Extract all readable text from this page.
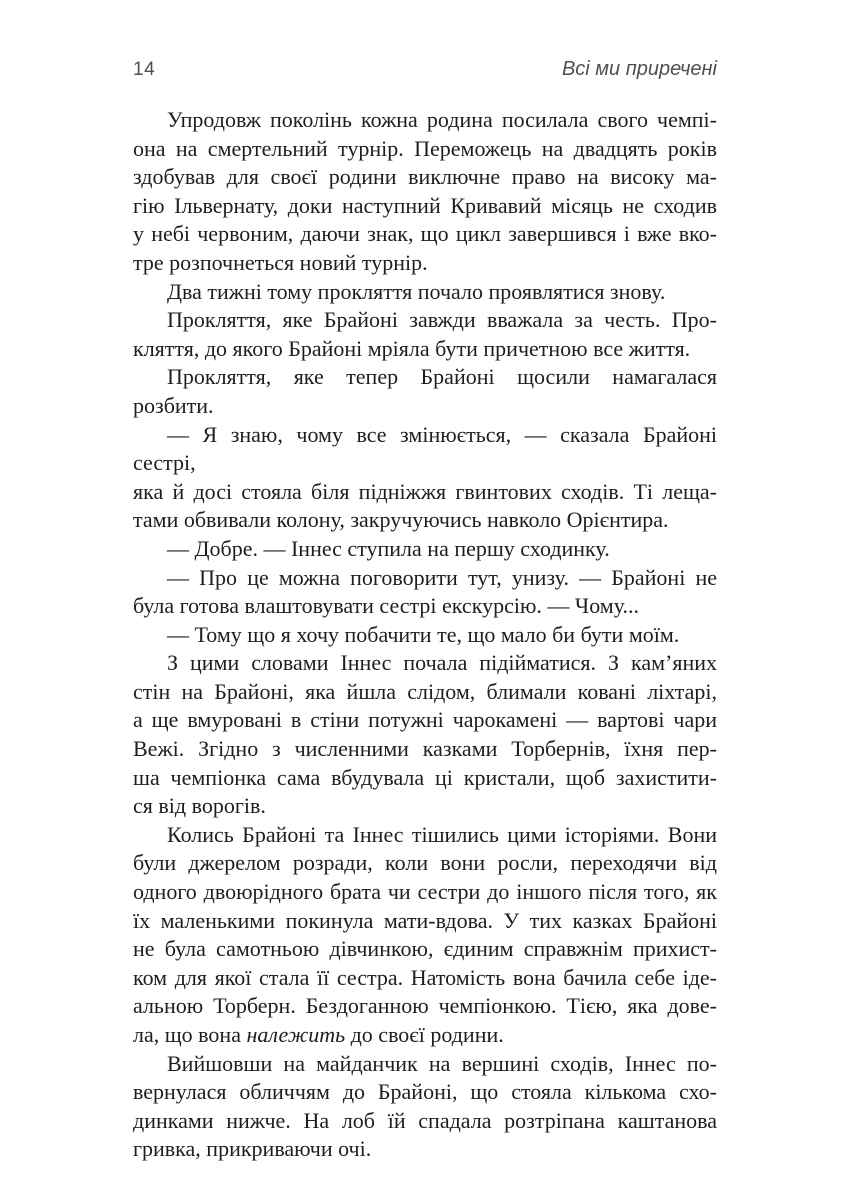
14	Всі ми приречені
Упродовж поколінь кожна родина посилала свого чемпі-
она на смертельний турнір. Переможець на двадцять років
здобував для своєї родини виключне право на високу ма-
гію Ільвернату, доки наступний Кривавий місяць не сходив
у небі червоним, даючи знак, що цикл завершився і вже вко-
тре розпочнеться новий турнір.
Два тижні тому прокляття почало проявлятися знову.
Прокляття, яке Брайоні завжди вважала за честь. Про-
кляття, до якого Брайоні мріяла бути причетною все життя.
Прокляття, яке тепер Брайоні щосили намагалася розбити.
— Я знаю, чому все змінюється, — сказала Брайоні сестрі,
яка й досі стояла біля підніжжя гвинтових сходів. Ті леща-
тами обвивали колону, закручуючись навколо Орієнтира.
— Добре. — Іннес ступила на першу сходинку.
— Про це можна поговорити тут, унизу. — Брайоні не
була готова влаштовувати сестрі екскурсію. — Чому...
— Тому що я хочу побачити те, що мало би бути моїм.
З цими словами Іннес почала підійматися. З кам’яних
стін на Брайоні, яка йшла слідом, блимали ковані ліхтарі,
а ще вмуровані в стіни потужні чарокамені — вартові чари
Вежі. Згідно з численними казками Торбернів, їхня пер-
ша чемпіонка сама вбудувала ці кристали, щоб захистити-
ся від ворогів.
Колись Брайоні та Іннес тішились цими історіями. Вони
були джерелом розради, коли вони росли, переходячи від
одного двоюрідного брата чи сестри до іншого після того, як
їх маленькими покинула мати-вдова. У тих казках Брайоні
не була самотньою дівчинкою, єдиним справжнім прихист-
ком для якої стала її сестра. Натомість вона бачила себе іде-
альною Торберн. Бездоганною чемпіонкою. Тією, яка дове-
ла, що вона належить до своєї родини.
Вийшовши на майданчик на вершині сходів, Іннес по-
вернулася обличчям до Брайоні, що стояла кількома схо-
динками нижче. На лоб їй спадала розтріпана каштанова
гривка, прикриваючи очі.
